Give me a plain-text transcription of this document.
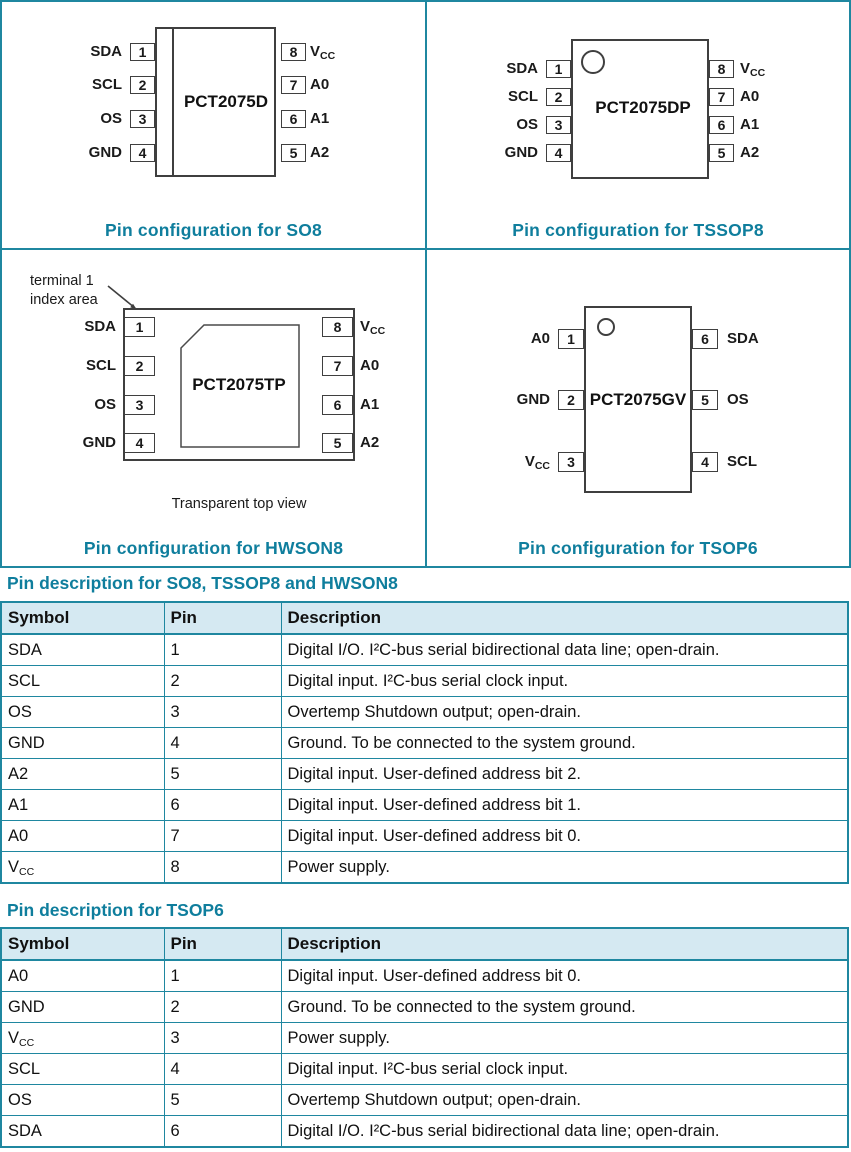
Pin configuration for SO8
PCT2075D
SDA	1
SCL	2
OS	3
GND	4
8 $V_{CC}$
7 A0
6 A1
5 A2
Pin configuration for TSSOP8
PCT2075DP
SDA	1
SCL	2
OS	3
GND	4
8 $V_{CC}$
7 A0
6 A1
5 A2
terminal 1
index area
Transparent top view
Pin configuration for HWSON8
PCT2075TP
SDA	1
SCL	2
OS	3
GND	4
8	$V_{CC}$
7	A0
6	A1
5	A2
Pin configuration for TSOP6
PCT2075GV
A0	1
GND	2
$V_{CC}$	3
6	SDA
5	OS
4	SCL
Pin description for SO8, TSSOP8 and HWSON8
Symbol	Pin	Description
SDA	1	Digital I/O. I²C-bus serial bidirectional data line; open-drain.
SCL	2	Digital input. I²C-bus serial clock input.
OS	3	Overtemp Shutdown output; open-drain.
GND	4	Ground. To be connected to the system ground.
A2	5	Digital input. User-defined address bit 2.
A1	6	Digital input. User-defined address bit 1.
A0	7	Digital input. User-defined address bit 0.
VCC	8	Power supply.
Pin description for TSOP6
Symbol	Pin	Description
A0	1	Digital input. User-defined address bit 0.
GND	2	Ground. To be connected to the system ground.
VCC	3	Power supply.
SCL	4	Digital input. I²C-bus serial clock input.
OS	5	Overtemp Shutdown output; open-drain.
SDA	6	Digital I/O. I²C-bus serial bidirectional data line; open-drain.
